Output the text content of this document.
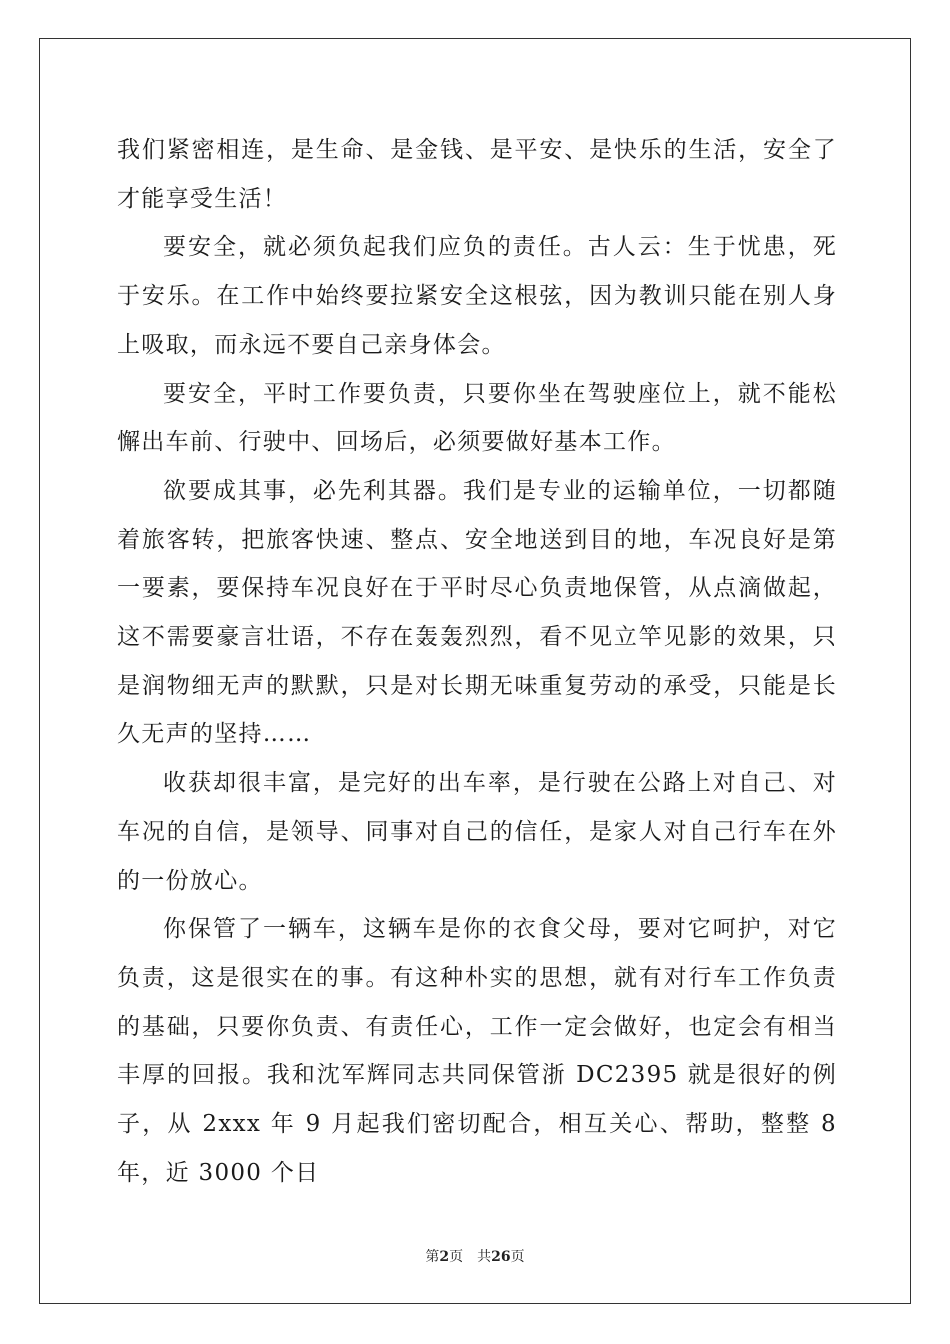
我们紧密相连，是生命、是金钱、是平安、是快乐的生活，安全了才能享受生活！

要安全，就必须负起我们应负的责任。古人云：生于忧患，死于安乐。在工作中始终要拉紧安全这根弦，因为教训只能在别人身上吸取，而永远不要自己亲身体会。

要安全，平时工作要负责，只要你坐在驾驶座位上，就不能松懈出车前、行驶中、回场后，必须要做好基本工作。

欲要成其事，必先利其器。我们是专业的运输单位，一切都随着旅客转，把旅客快速、整点、安全地送到目的地，车况良好是第一要素，要保持车况良好在于平时尽心负责地保管，从点滴做起，这不需要豪言壮语，不存在轰轰烈烈，看不见立竿见影的效果，只是润物细无声的默默，只是对长期无味重复劳动的承受，只能是长久无声的坚持……

收获却很丰富，是完好的出车率，是行驶在公路上对自己、对车况的自信，是领导、同事对自己的信任，是家人对自己行车在外的一份放心。

你保管了一辆车，这辆车是你的衣食父母，要对它呵护，对它负责，这是很实在的事。有这种朴实的思想，就有对行车工作负责的基础，只要你负责、有责任心，工作一定会做好，也定会有相当丰厚的回报。我和沈军辉同志共同保管浙 DC2395 就是很好的例子，从 2xxx 年 9 月起我们密切配合，相互关心、帮助，整整 8 年，近 3000 个日

第2页 共26页
